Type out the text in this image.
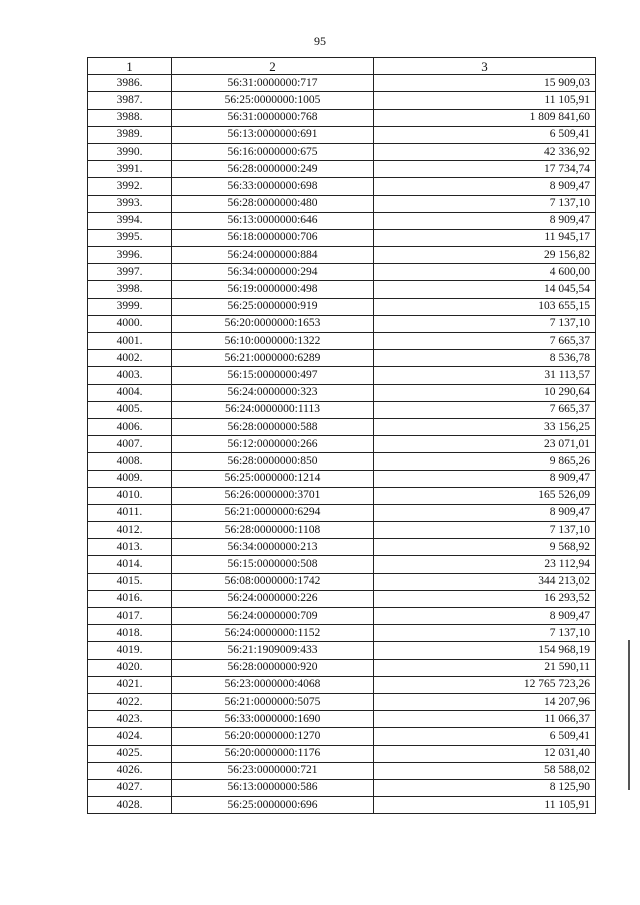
95
1	2	3
3986.	56:31:0000000:717	15 909,03
3987.	56:25:0000000:1005	11 105,91
3988.	56:31:0000000:768	1 809 841,60
3989.	56:13:0000000:691	6 509,41
3990.	56:16:0000000:675	42 336,92
3991.	56:28:0000000:249	17 734,74
3992.	56:33:0000000:698	8 909,47
3993.	56:28:0000000:480	7 137,10
3994.	56:13:0000000:646	8 909,47
3995.	56:18:0000000:706	11 945,17
3996.	56:24:0000000:884	29 156,82
3997.	56:34:0000000:294	4 600,00
3998.	56:19:0000000:498	14 045,54
3999.	56:25:0000000:919	103 655,15
4000.	56:20:0000000:1653	7 137,10
4001.	56:10:0000000:1322	7 665,37
4002.	56:21:0000000:6289	8 536,78
4003.	56:15:0000000:497	31 113,57
4004.	56:24:0000000:323	10 290,64
4005.	56:24:0000000:1113	7 665,37
4006.	56:28:0000000:588	33 156,25
4007.	56:12:0000000:266	23 071,01
4008.	56:28:0000000:850	9 865,26
4009.	56:25:0000000:1214	8 909,47
4010.	56:26:0000000:3701	165 526,09
4011.	56:21:0000000:6294	8 909,47
4012.	56:28:0000000:1108	7 137,10
4013.	56:34:0000000:213	9 568,92
4014.	56:15:0000000:508	23 112,94
4015.	56:08:0000000:1742	344 213,02
4016.	56:24:0000000:226	16 293,52
4017.	56:24:0000000:709	8 909,47
4018.	56:24:0000000:1152	7 137,10
4019.	56:21:1909009:433	154 968,19
4020.	56:28:0000000:920	21 590,11
4021.	56:23:0000000:4068	12 765 723,26
4022.	56:21:0000000:5075	14 207,96
4023.	56:33:0000000:1690	11 066,37
4024.	56:20:0000000:1270	6 509,41
4025.	56:20:0000000:1176	12 031,40
4026.	56:23:0000000:721	58 588,02
4027.	56:13:0000000:586	8 125,90
4028.	56:25:0000000:696	11 105,91
